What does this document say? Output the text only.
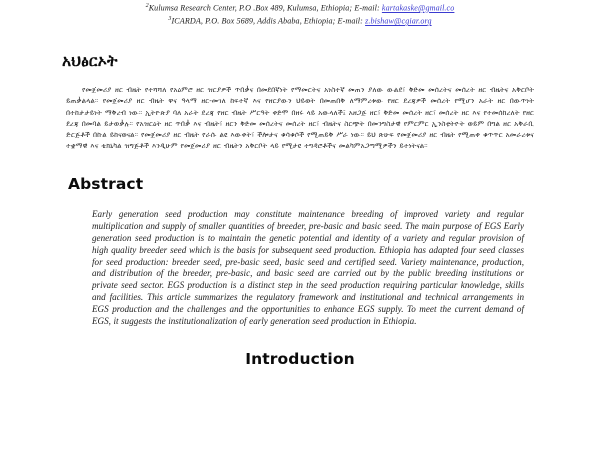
$^2$Kulumsa Research Center, P.O .Box 489, Kulumsa, Ethiopia; E-mail: kartakaske@gmail.co
$^3$ICARDA, P.O. Box 5689, Addis Ababa, Ethiopia; E-mail: z.bishaw@cgiar.org
አህፅርኦት

የመጀመሪያ ዘር ብዜት የተሻሻለ የአዕምሮ ዘር ዝርያዎች ጥበቃና በመደበኛነት የማመርትና አነስተኛ መጠን ያለው ውልደ፣ ቅድመ መሰረትና መሰረት ዘር ብዜትና አቅርቦት ይጠቃልላል። የመጀመሪያ ዘር ብዜት ዋና ዓላማ ዘር-መገለ ከፍተኛ እና የዘርያውን ህይወት በመጠበቅ ለማምረቱው የዘር ደረጃዎች መሰረት የሚሆን አራት ዘር በውጥነት በተከታታይነት ማቅረብ ነው። ኢትዮጵያ ባለ አራት ደረጃ የዘር ብዜት ሥርዓት ቀድሞ በዘሩ ላይ አውላለች፤ አዘጋጅ ዘር፣ ቅድመ መሰረት ዘር፣ መሰረት ዘር እና የተመሰከረለት የዘር ደረጃ በመባል ይታወቃሉ። የአዝርዕት ዘር ጥበቃ እና ብዜት፣ ዘርን ቅድመ መሰረትና መሰረት ዘር፣ ብዜትና ስርጭት በመንግስታዊ የምርምር ኢንስቲትዮት ወይም በግል ዘር አቅራቢ ድርጅቶች በኩል ይከናወናል። የመጀመሪያ ዘር ብዜት የራሱ ልዩ እውቀት፣ ችሎታና ቁሳቁሶች የሚጠይቅ ሥራ ነው። ይህ ጽሁፍ የመጀመሪያ ዘር ብዜት የሚጠቀ ቁጥጥር አመራረቱና ተቋማዊ እና ቴክኒካል ዝግጅቶች እንዲሁም የመጀመሪያ ዘር ብዜትን አቅርቦት ላይ የሚታዩ ተግዳሮቶችና መልካምአጋጣሚዎችን ይተነትናል።

Abstract

Early generation seed production may constitute maintenance breeding of improved variety and regular multiplication and supply of smaller quantities of breeder, pre-basic and basic seed. The main purpose of EGS Early generation seed production is to maintain the genetic potential and identity of a variety and regular provision of high quality breeder seed which is the basis for subsequent seed production. Ethiopia has adapted four seed classes for seed production: breeder seed, pre-basic seed, basic seed and certified seed. Variety maintenance, production, and distribution of the breeder, pre-basic, and basic seed are carried out by the public breeding institutions or private seed sector. EGS production is a distinct step in the seed production requiring particular knowledge, skills and facilities. This article summarizes the regulatory framework and institutional and technical arrangements in EGS production and the challenges and the opportunities to enhance EGS supply. To meet the current demand of EGS, it suggests the institutionalization of early generation seed production in Ethiopia.

Introduction
